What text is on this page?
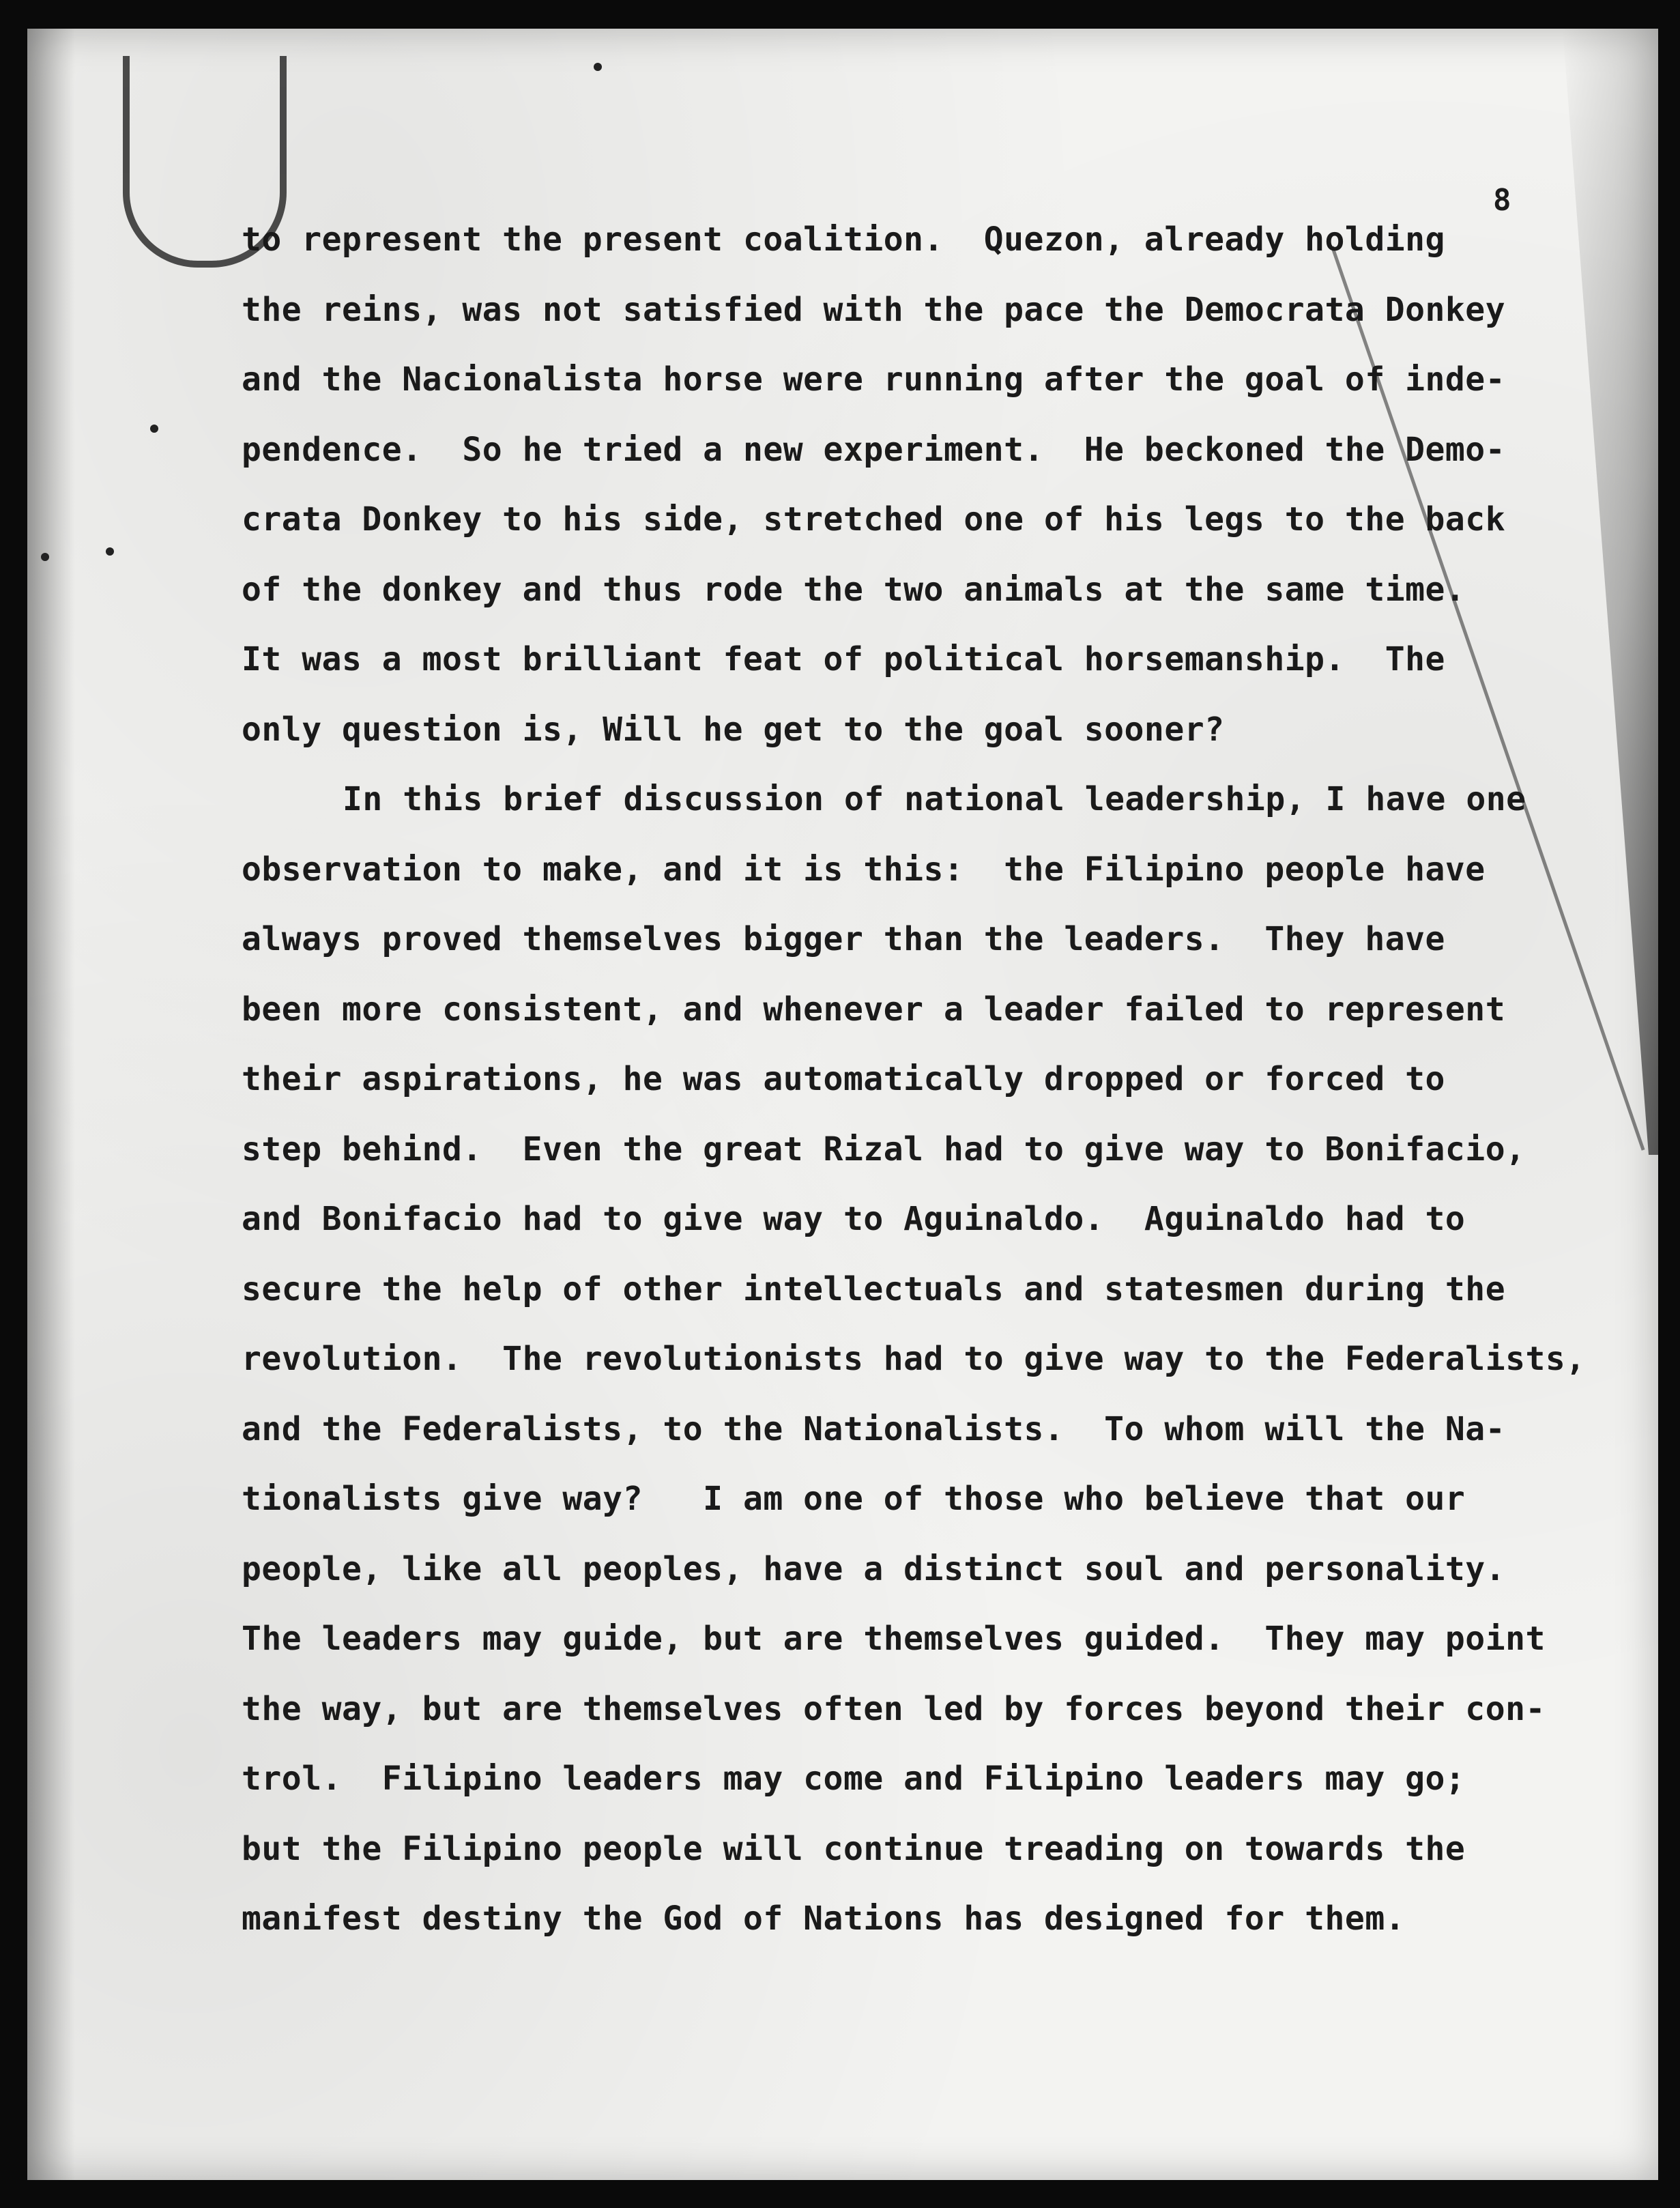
8
to represent the present coalition.  Quezon, already holding
the reins, was not satisfied with the pace the Democrata Donkey
and the Nacionalista horse were running after the goal of inde-
pendence.  So he tried a new experiment.  He beckoned the Demo-
crata Donkey to his side, stretched one of his legs to the back
of the donkey and thus rode the two animals at the same time.
It was a most brilliant feat of political horsemanship.  The
only question is, Will he get to the goal sooner?
In this brief discussion of national leadership, I have one
observation to make, and it is this:  the Filipino people have
always proved themselves bigger than the leaders.  They have
been more consistent, and whenever a leader failed to represent
their aspirations, he was automatically dropped or forced to
step behind.  Even the great Rizal had to give way to Bonifacio,
and Bonifacio had to give way to Aguinaldo.  Aguinaldo had to
secure the help of other intellectuals and statesmen during the
revolution.  The revolutionists had to give way to the Federalists,
and the Federalists, to the Nationalists.  To whom will the Na-
tionalists give way?   I am one of those who believe that our
people, like all peoples, have a distinct soul and personality.
The leaders may guide, but are themselves guided.  They may point
the way, but are themselves often led by forces beyond their con-
trol.  Filipino leaders may come and Filipino leaders may go;
but the Filipino people will continue treading on towards the
manifest destiny the God of Nations has designed for them.
